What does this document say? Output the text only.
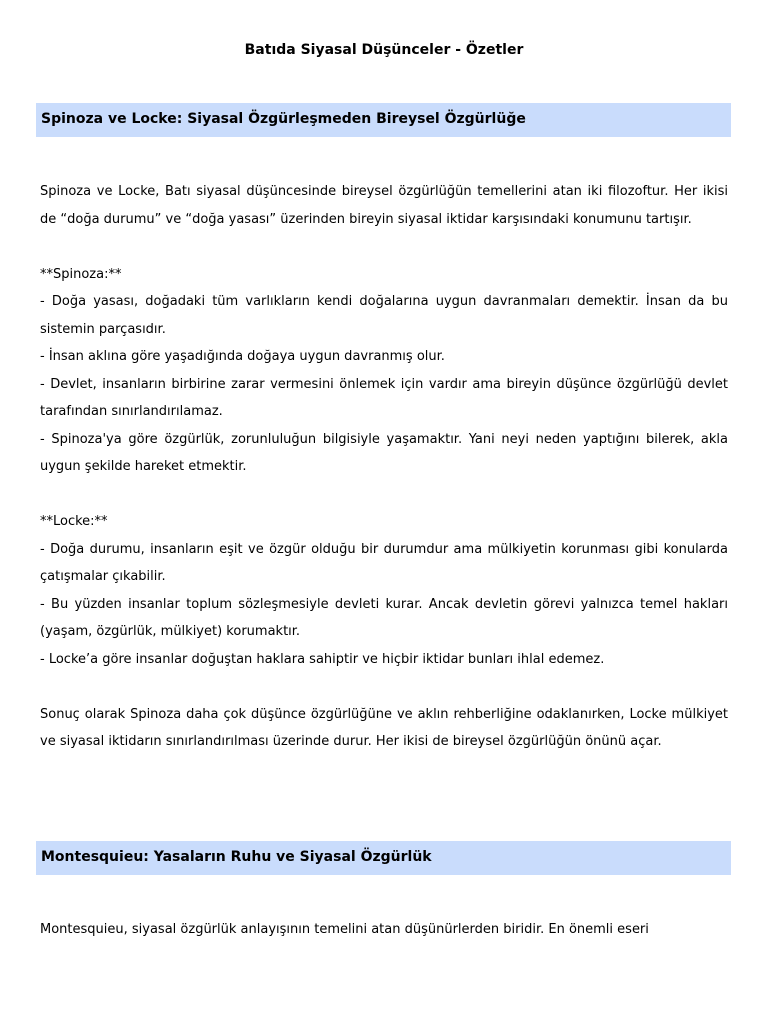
Batıda Siyasal Düşünceler - Özetler
Spinoza ve Locke: Siyasal Özgürleşmeden Bireysel Özgürlüğe

Spinoza ve Locke, Batı siyasal düşüncesinde bireysel özgürlüğün temellerini atan iki filozoftur. Her ikisi de “doğa durumu” ve “doğa yasası” üzerinden bireyin siyasal iktidar karşısındaki konumunu tartışır.

**Spinoza:**

- Doğa yasası, doğadaki tüm varlıkların kendi doğalarına uygun davranmaları demektir. İnsan da bu sistemin parçasıdır.

- İnsan aklına göre yaşadığında doğaya uygun davranmış olur.

- Devlet, insanların birbirine zarar vermesini önlemek için vardır ama bireyin düşünce özgürlüğü devlet tarafından sınırlandırılamaz.

- Spinoza'ya göre özgürlük, zorunluluğun bilgisiyle yaşamaktır. Yani neyi neden yaptığını bilerek, akla uygun şekilde hareket etmektir.

**Locke:**

- Doğa durumu, insanların eşit ve özgür olduğu bir durumdur ama mülkiyetin korunması gibi konularda çatışmalar çıkabilir.

- Bu yüzden insanlar toplum sözleşmesiyle devleti kurar. Ancak devletin görevi yalnızca temel hakları (yaşam, özgürlük, mülkiyet) korumaktır.

- Locke’a göre insanlar doğuştan haklara sahiptir ve hiçbir iktidar bunları ihlal edemez.

Sonuç olarak Spinoza daha çok düşünce özgürlüğüne ve aklın rehberliğine odaklanırken, Locke mülkiyet ve siyasal iktidarın sınırlandırılması üzerinde durur. Her ikisi de bireysel özgürlüğün önünü açar.

Montesquieu: Yasaların Ruhu ve Siyasal Özgürlük

Montesquieu, siyasal özgürlük anlayışının temelini atan düşünürlerden biridir. En önemli eseri
